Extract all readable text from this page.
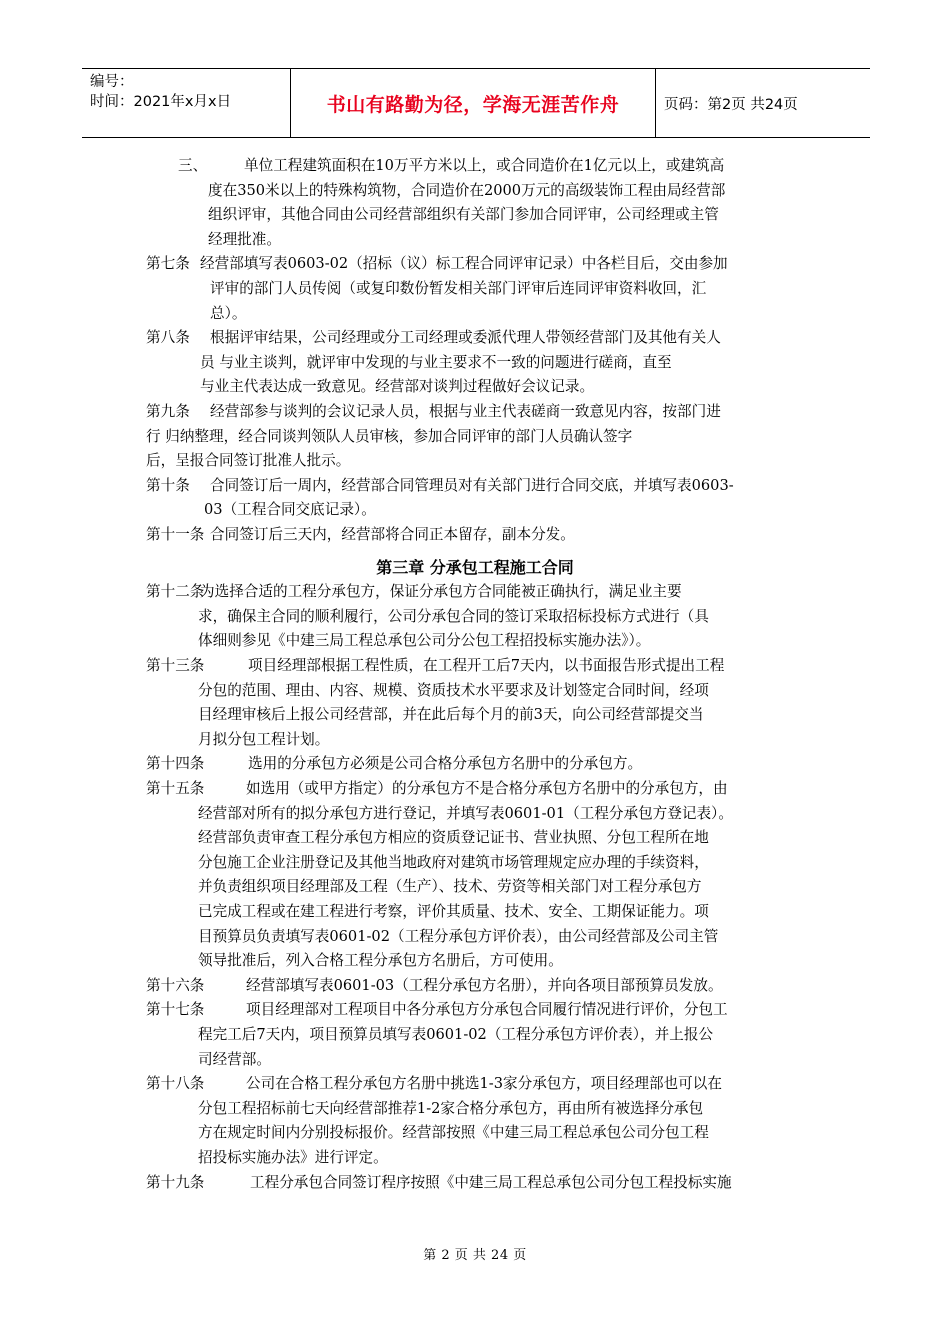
编号：
时间：2021年x月x日	书山有路勤为径，学海无涯苦作舟	页码：第2页 共24页
三、	单位工程建筑面积在10万平方米以上，或合同造价在1亿元以上，或建筑高
度在350米以上的特殊构筑物，合同造价在2000万元的高级装饰工程由局经营部
组织评审，其他合同由公司经营部组织有关部门参加合同评审，公司经理或主管
经理批准。
第七条 经营部填写表0603-02（招标（议）标工程合同评审记录）中各栏目后，交由参加
评审的部门人员传阅（或复印数份暂发相关部门评审后连同评审资料收回，汇
总）。
第八条 根据评审结果，公司经理或分工司经理或委派代理人带领经营部门及其他有关人
员 与业主谈判，就评审中发现的与业主要求不一致的问题进行磋商，直至
与业主代表达成一致意见。经营部对谈判过程做好会议记录。
第九条 经营部参与谈判的会议记录人员，根据与业主代表磋商一致意见内容，按部门进
行 归纳整理，经合同谈判领队人员审核，参加合同评审的部门人员确认签字
后，呈报合同签订批准人批示。
第十条 合同签订后一周内，经营部合同管理员对有关部门进行合同交底，并填写表0603-
03（工程合同交底记录）。
第十一条 合同签订后三天内，经营部将合同正本留存，副本分发。
第三章 分承包工程施工合同
第十二条
为选择合适的工程分承包方，保证分承包方合同能被正确执行，满足业主要
求，确保主合同的顺利履行，公司分承包合同的签订采取招标投标方式进行（具
体细则参见《中建三局工程总承包公司分公包工程招投标实施办法》）。
第十三条	项目经理部根据工程性质，在工程开工后7天内，以书面报告形式提出工程
分包的范围、理由、内容、规模、资质技术水平要求及计划签定合同时间，经项
目经理审核后上报公司经营部，并在此后每个月的前3天，向公司经营部提交当
月拟分包工程计划。
第十四条	选用的分承包方必须是公司合格分承包方名册中的分承包方。
第十五条	如选用（或甲方指定）的分承包方不是合格分承包方名册中的分承包方，由
经营部对所有的拟分承包方进行登记，并填写表0601-01（工程分承包方登记表）。
经营部负责审查工程分承包方相应的资质登记证书、营业执照、分包工程所在地
分包施工企业注册登记及其他当地政府对建筑市场管理规定应办理的手续资料，
并负责组织项目经理部及工程（生产）、技术、劳资等相关部门对工程分承包方
已完成工程或在建工程进行考察，评价其质量、技术、安全、工期保证能力。项
目预算员负责填写表0601-02（工程分承包方评价表），由公司经营部及公司主管
领导批准后，列入合格工程分承包方名册后，方可使用。
第十六条	经营部填写表0601-03（工程分承包方名册），并向各项目部预算员发放。
第十七条	项目经理部对工程项目中各分承包方分承包合同履行情况进行评价，分包工
程完工后7天内，项目预算员填写表0601-02（工程分承包方评价表），并上报公
司经营部。
第十八条	公司在合格工程分承包方名册中挑选1-3家分承包方，项目经理部也可以在
分包工程招标前七天向经营部推荐1-2家合格分承包方，再由所有被选择分承包
方在规定时间内分别投标报价。经营部按照《中建三局工程总承包公司分包工程
招投标实施办法》进行评定。
第十九条	工程分承包合同签订程序按照《中建三局工程总承包公司分包工程投标实施
第 2 页 共 24 页
